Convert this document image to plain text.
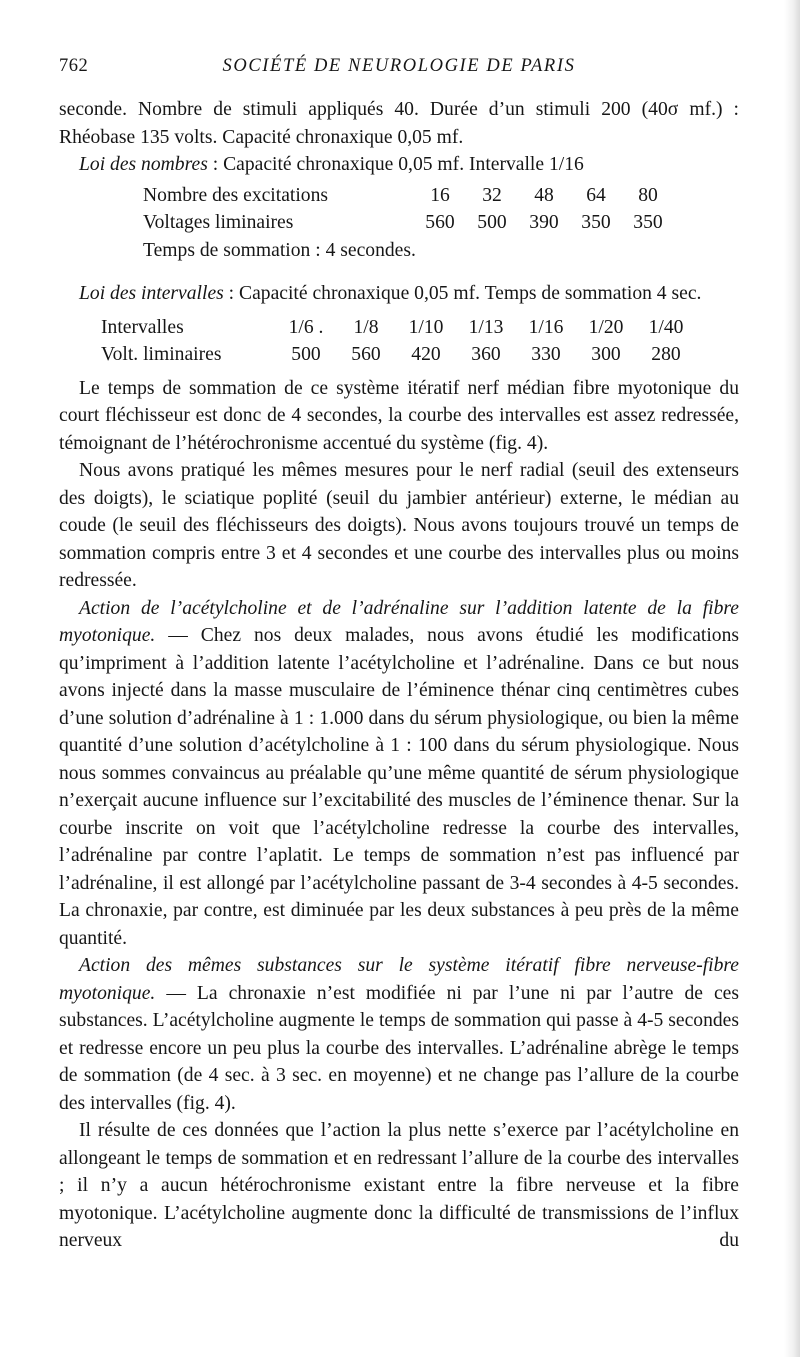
762	SOCIÉTÉ DE NEUROLOGIE DE PARIS

seconde. Nombre de stimuli appliqués 40. Durée d’un stimuli 200 (40σ mf.) :

Rhéobase 135 volts. Capacité chronaxique 0,05 mf.

Loi des nombres : Capacité chronaxique 0,05 mf. Intervalle 1/16

Nombre des excitations	16	32	48	64	80
Voltages liminaires	560	500	390	350	350
Temps de sommation : 4 secondes.

Loi des intervalles : Capacité chronaxique 0,05 mf. Temps de sommation 4 sec.

Intervalles	1/6 .	1/8	1/10	1/13	1/16	1/20	1/40
Volt. liminaires	500	560	420	360	330	300	280

Le temps de sommation de ce système itératif nerf médian fibre myotonique du court fléchisseur est donc de 4 secondes, la courbe des intervalles est assez redressée, témoignant de l’hétérochronisme accentué du système (fig. 4).

Nous avons pratiqué les mêmes mesures pour le nerf radial (seuil des extenseurs des doigts), le sciatique poplité (seuil du jambier antérieur) externe, le médian au coude (le seuil des fléchisseurs des doigts). Nous avons toujours trouvé un temps de sommation compris entre 3 et 4 secondes et une courbe des intervalles plus ou moins redressée.

Action de l’acétylcholine et de l’adrénaline sur l’addition latente de la fibre myotonique. — Chez nos deux malades, nous avons étudié les modifications qu’impriment à l’addition latente l’acétylcholine et l’adrénaline. Dans ce but nous avons injecté dans la masse musculaire de l’éminence thénar cinq centimètres cubes d’une solution d’adrénaline à 1 : 1.000 dans du sérum physiologique, ou bien la même quantité d’une solution d’acétylcholine à 1 : 100 dans du sérum physiologique. Nous nous sommes convaincus au préalable qu’une même quantité de sérum physiologique n’exerçait aucune influence sur l’excitabilité des muscles de l’éminence thenar. Sur la courbe inscrite on voit que l’acétylcholine redresse la courbe des intervalles, l’adrénaline par contre l’aplatit. Le temps de sommation n’est pas influencé par l’adrénaline, il est allongé par l’acétylcholine passant de 3-4 secondes à 4-5 secondes. La chronaxie, par contre, est diminuée par les deux substances à peu près de la même quantité.

Action des mêmes substances sur le système itératif fibre nerveuse-fibre myotonique. — La chronaxie n’est modifiée ni par l’une ni par l’autre de ces substances. L’acétylcholine augmente le temps de sommation qui passe à 4-5 secondes et redresse encore un peu plus la courbe des intervalles. L’adrénaline abrège le temps de sommation (de 4 sec. à 3 sec. en moyenne) et ne change pas l’allure de la courbe des intervalles (fig. 4).

Il résulte de ces données que l’action la plus nette s’exerce par l’acétylcholine en allongeant le temps de sommation et en redressant l’allure de la courbe des intervalles ; il n’y a aucun hétérochronisme existant entre la fibre nerveuse et la fibre myotonique. L’acétylcholine augmente donc la difficulté de transmissions de l’influx nerveux du
